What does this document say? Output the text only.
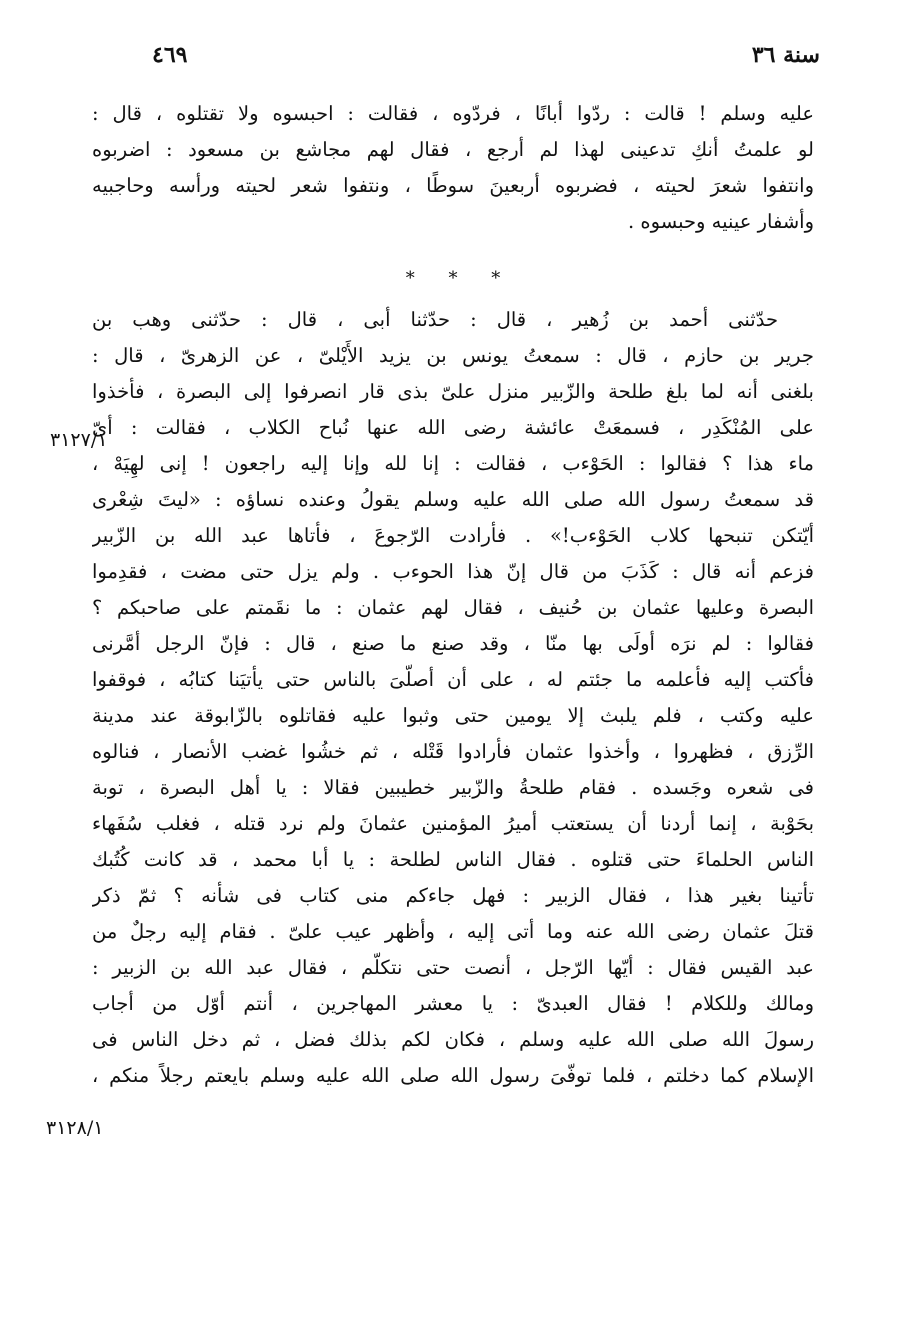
٤٦٩	سنة ٣٦
عليه وسلم ! قالت : ردّوا أبانًا ، فردّوه ، فقالت : احبسوه ولا تقتلوه ، قال :
لو علمتُ أنكِ تدعينى لهذا لم أرجع ، فقال لهم مجاشع بن مسعود : اضربوه
وانتفوا شعرَ لحيته ، فضربوه أربعينَ سوطًا ، ونتفوا شعر لحيته ورأسه وحاجبيه
وأشفار عينيه وحبسوه .
* * *
حدّثنى أحمد بن زُهير ، قال : حدّثنا أبى ، قال : حدّثنى وهب بن
جرير بن حازم ، قال : سمعتُ يونس بن يزيد الأَيْلىّ ، عن الزهرىّ ، قال :
بلغنى أنه لما بلغ طلحة والزّبير منزل علىّ بذى قار انصرفوا إلى البصرة ، فأخذوا
على المُنْكَدِر ، فسمعَتْ عائشة رضى الله عنها نُباح الكلاب ، فقالت : أىّ
ماء هذا ؟ فقالوا : الحَوْءب ، فقالت : إنا لله وإنا إليه راجعون ! إنى لهِيَهْ ،
قد سمعتُ رسول الله صلى الله عليه وسلم يقولُ وعنده نساؤه : «ليتَ شِعْرى
أيّتكن تنبحها كلاب الحَوْءب!» . فأرادت الرّجوعَ ، فأتاها عبد الله بن الزّبير
فزعم أنه قال : كَذَبَ من قال إنّ هذا الحوءب . ولم يزل حتى مضت ، فقدِموا
البصرة وعليها عثمان بن حُنيف ، فقال لهم عثمان : ما نقَمتم على صاحبكم ؟
فقالوا : لم نرَه أولَى بها منّا ، وقد صنع ما صنع ، قال : فإنّ الرجل أمَّرنى
فأكتب إليه فأعلمه ما جئتم له ، على أن أصلّىَ بالناس حتى يأتيَنا كتابُه ، فوقفوا
عليه وكتب ، فلم يلبث إلا يومين حتى وثبوا عليه فقاتلوه بالزّابوقة عند مدينة
الرِّزق ، فظهروا ، وأخذوا عثمان فأرادوا قَتْله ، ثم خشُوا غضب الأنصار ، فنالوه
فى شعره وجَسده . فقام طلحةُ والزّبير خطيبين فقالا : يا أهل البصرة ، توبة
بحَوْبة ، إنما أردنا أن يستعتب أميرُ المؤمنين عثمانَ ولم نرد قتله ، فغلب سُفَهاء
الناس الحلماءَ حتى قتلوه . فقال الناس لطلحة : يا أبا محمد ، قد كانت كُتُبك
تأتينا بغير هذا ، فقال الزبير : فهل جاءكم منى كتاب فى شأنه ؟ ثمّ ذكر
قتلَ عثمان رضى الله عنه وما أتى إليه ، وأظهر عيب علىّ . فقام إليه رجلٌ من
عبد القيس فقال : أيّها الرّجل ، أنصت حتى نتكلّم ، فقال عبد الله بن الزبير :
ومالك وللكلام ! فقال العبدىّ : يا معشر المهاجرين ، أنتم أوّل من أجاب
رسولَ الله صلى الله عليه وسلم ، فكان لكم بذلك فضل ، ثم دخل الناس فى
الإسلام كما دخلتم ، فلما توفّىَ رسول الله صلى الله عليه وسلم بايعتم رجلاً منكم ،
٣١٢٧/١
٣١٢٨/١
